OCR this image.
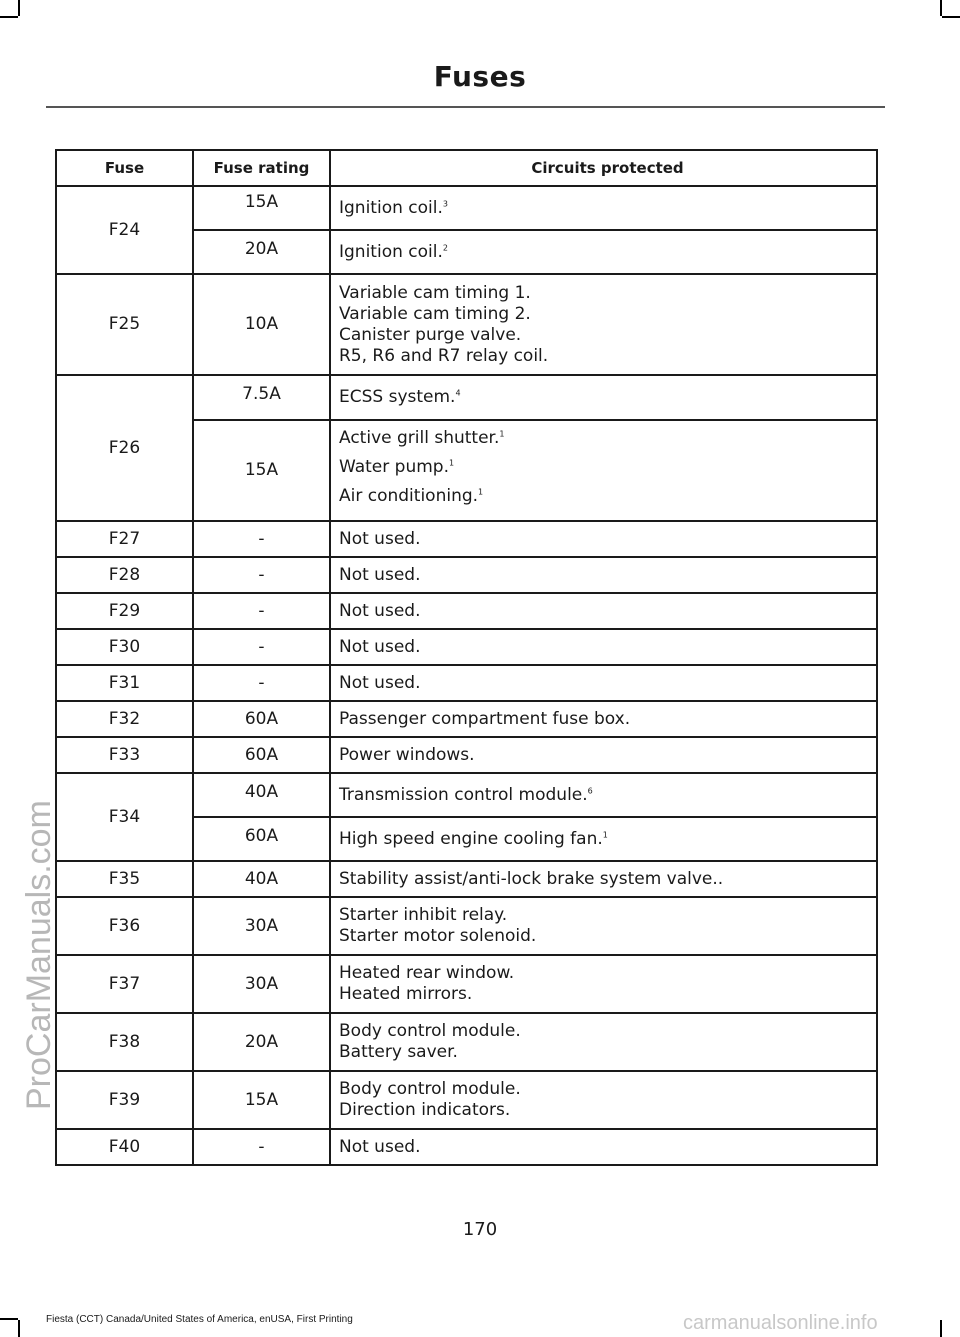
Fuses
Fuse	Fuse rating	Circuits protected
F24	15A	Ignition coil.$^3$

	20A	Ignition coil.$^2$

F25	10A	Variable cam timing 1.
Variable cam timing 2.
Canister purge valve.
R5, R6 and R7 relay coil.

F26	7.5A	ECSS system.$^4$

	15A	Active grill shutter.$^1$
Water pump.$^1$
Air conditioning.$^1$

F27	-	Not used.
F28	-	Not used.
F29	-	Not used.
F30	-	Not used.
F31	-	Not used.
F32	60A	Passenger compartment fuse box.
F33	60A	Power windows.
F34	40A	Transmission control module.$^6$

	60A	High speed engine cooling fan.$^1$

F35	40A	Stability assist/anti-lock brake system valve..
F36	30A	Starter inhibit relay.
Starter motor solenoid.

F37	30A	Heated rear window.
Heated mirrors.

F38	20A	Body control module.
Battery saver.

F39	15A	Body control module.
Direction indicators.

F40	-	Not used.
170
Fiesta (CCT) Canada/United States of America, enUSA, First Printing
ProCarManuals.com
carmanualsonline.info
